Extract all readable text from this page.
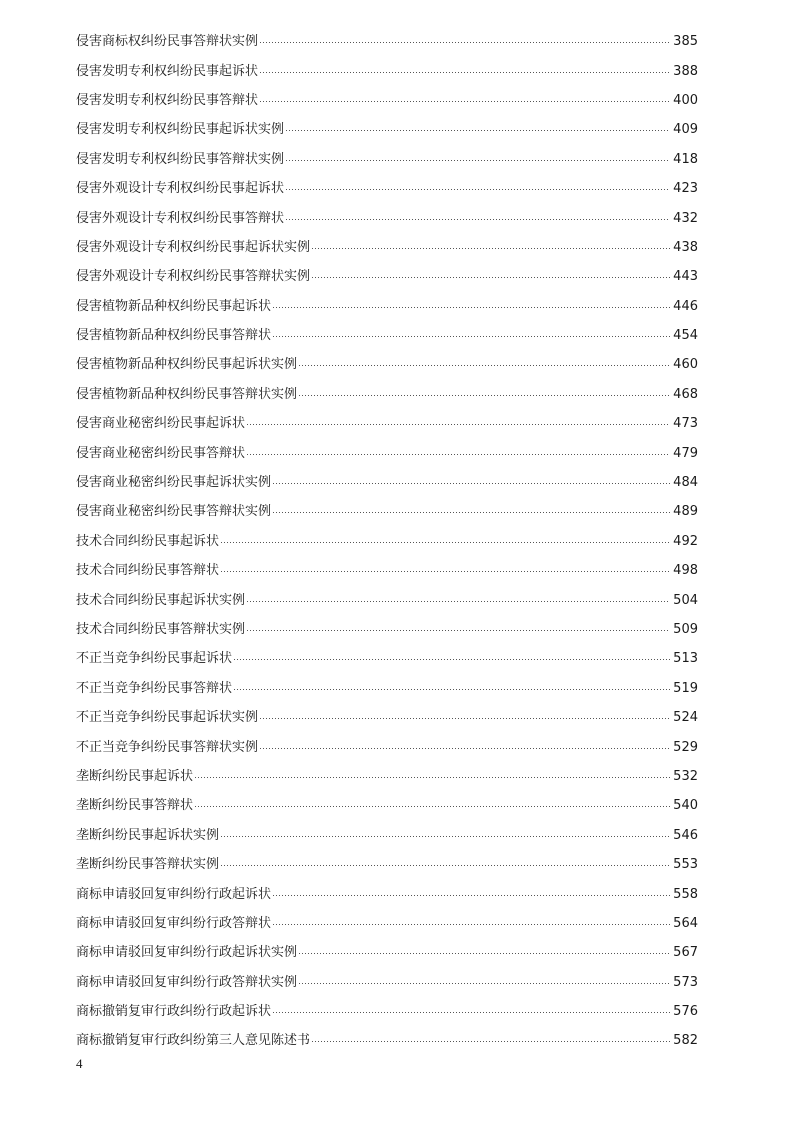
侵害商标权纠纷民事答辩状实例	385
侵害发明专利权纠纷民事起诉状	388
侵害发明专利权纠纷民事答辩状	400
侵害发明专利权纠纷民事起诉状实例	409
侵害发明专利权纠纷民事答辩状实例	418
侵害外观设计专利权纠纷民事起诉状	423
侵害外观设计专利权纠纷民事答辩状	432
侵害外观设计专利权纠纷民事起诉状实例	438
侵害外观设计专利权纠纷民事答辩状实例	443
侵害植物新品种权纠纷民事起诉状	446
侵害植物新品种权纠纷民事答辩状	454
侵害植物新品种权纠纷民事起诉状实例	460
侵害植物新品种权纠纷民事答辩状实例	468
侵害商业秘密纠纷民事起诉状	473
侵害商业秘密纠纷民事答辩状	479
侵害商业秘密纠纷民事起诉状实例	484
侵害商业秘密纠纷民事答辩状实例	489
技术合同纠纷民事起诉状	492
技术合同纠纷民事答辩状	498
技术合同纠纷民事起诉状实例	504
技术合同纠纷民事答辩状实例	509
不正当竞争纠纷民事起诉状	513
不正当竞争纠纷民事答辩状	519
不正当竞争纠纷民事起诉状实例	524
不正当竞争纠纷民事答辩状实例	529
垄断纠纷民事起诉状	532
垄断纠纷民事答辩状	540
垄断纠纷民事起诉状实例	546
垄断纠纷民事答辩状实例	553
商标申请驳回复审纠纷行政起诉状	558
商标申请驳回复审纠纷行政答辩状	564
商标申请驳回复审纠纷行政起诉状实例	567
商标申请驳回复审纠纷行政答辩状实例	573
商标撤销复审行政纠纷行政起诉状	576
商标撤销复审行政纠纷第三人意见陈述书	582
4
